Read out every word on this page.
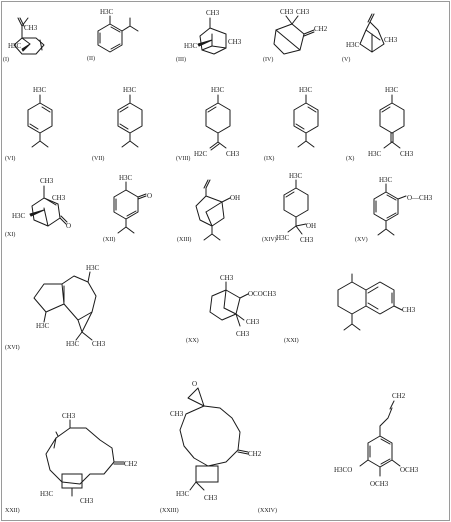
CH3
H3C
(I)
H3C
(II)
CH3
H3C	CH3
(III)
CH3 CH3
CH2
(IV)
H3C
CH3
(V)
H3C
(VI)
H3C
(VII)
H3C
H2C	CH3
(VIII)
H3C
(IX)
H3C
H3C	CH3
(X)
CH3
H3C
CH3
O
(XI)
H3C
O
(XII)
OH
(XIII)
H3C
OH
H3C CH3
(XIV)
H3C
O—CH3
(XV)
H3C
H3C
H3C CH3
(XVI)
CH3
OCOCH3
CH3
CH3
(XX)
CH3
(XXI)
CH3
H3C
CH3
CH2
XXII)
O
CH3
H3C CH3
CH2
(XXIII)
CH2
H3CO	OCH3
OCH3
(XXIV)
